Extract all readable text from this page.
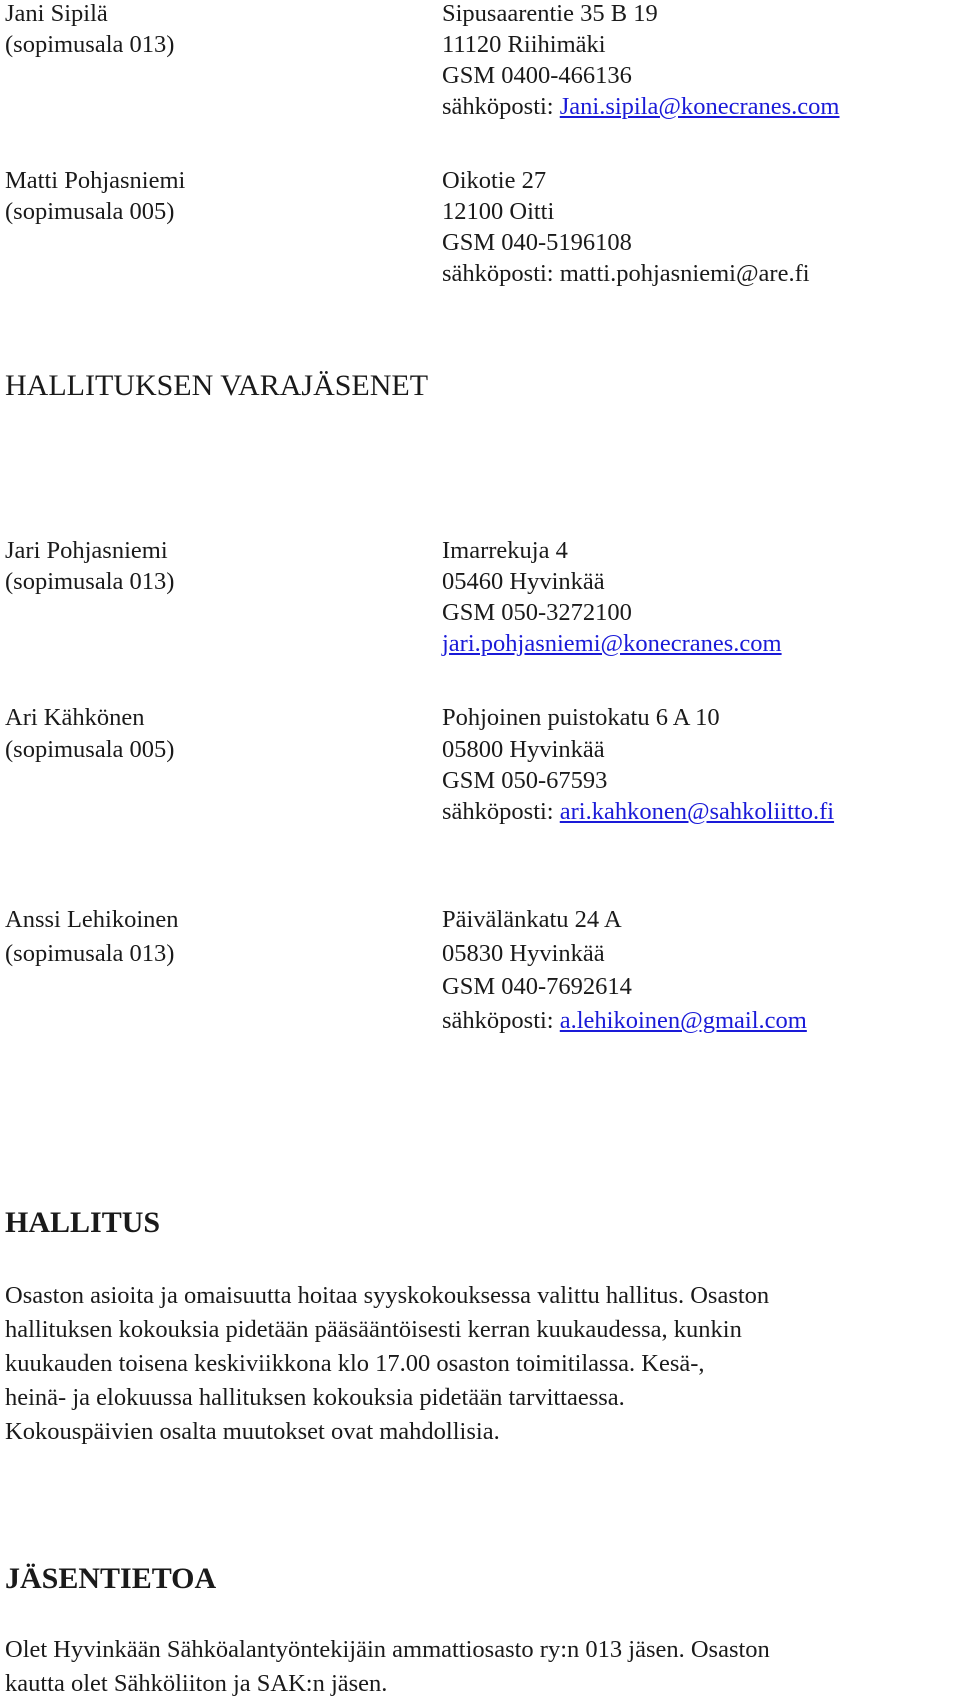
Jani Sipilä
(sopimusala 013)
Sipusaarentie 35 B 19
11120 Riihimäki
GSM 0400-466136
sähköposti: Jani.sipila@konecranes.com
Matti Pohjasniemi
(sopimusala 005)
Oikotie 27
12100 Oitti
GSM 040-5196108
sähköposti: matti.pohjasniemi@are.fi
HALLITUKSEN VARAJÄSENET
Jari Pohjasniemi
(sopimusala 013)
Imarrekuja 4
05460 Hyvinkää
GSM 050-3272100
jari.pohjasniemi@konecranes.com
Ari Kähkönen
(sopimusala 005)
Pohjoinen puistokatu 6 A 10
05800 Hyvinkää
GSM 050-67593
sähköposti: ari.kahkonen@sahkoliitto.fi
Anssi Lehikoinen
(sopimusala 013)
Päivälänkatu 24 A
05830 Hyvinkää
GSM 040-7692614
sähköposti: a.lehikoinen@gmail.com
HALLITUS
Osaston asioita ja omaisuutta hoitaa syyskokouksessa valittu hallitus. Osaston
hallituksen kokouksia pidetään pääsääntöisesti kerran kuukaudessa, kunkin
kuukauden toisena keskiviikkona klo 17.00 osaston toimitilassa. Kesä-,
heinä- ja elokuussa hallituksen kokouksia pidetään tarvittaessa.
Kokouspäivien osalta muutokset ovat mahdollisia.
JÄSENTIETOA
Olet Hyvinkään Sähköalantyöntekijäin ammattiosasto ry:n 013 jäsen. Osaston
kautta olet Sähköliiton ja SAK:n jäsen.
